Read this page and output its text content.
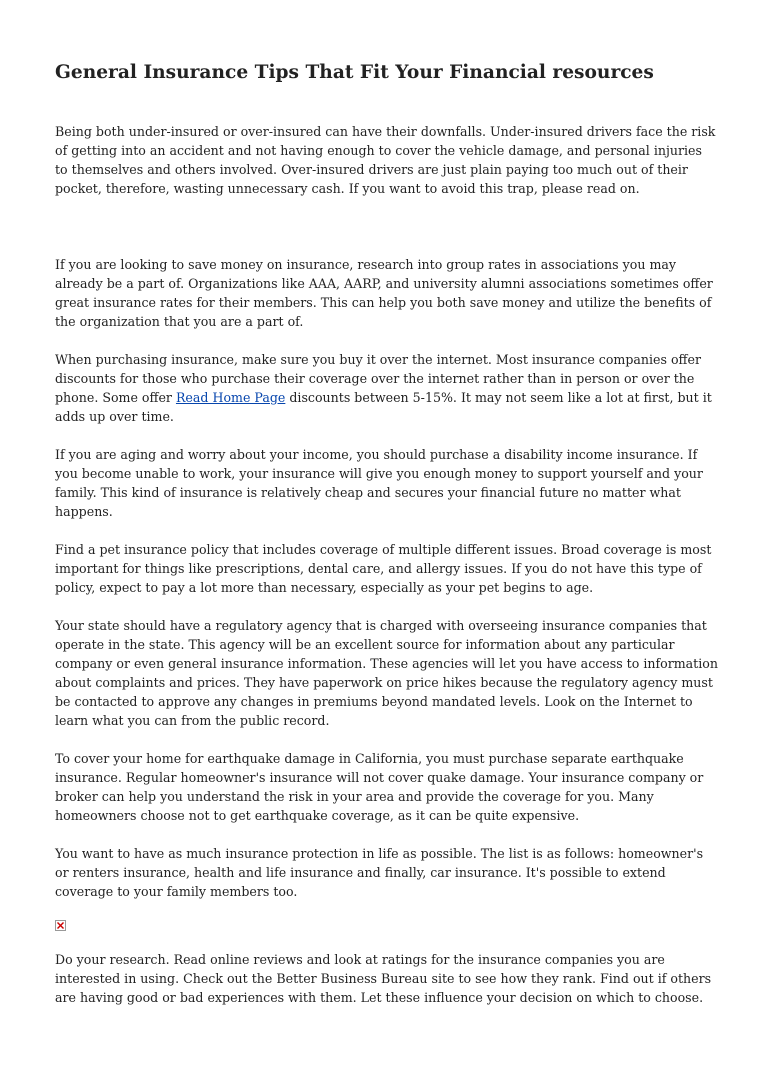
General Insurance Tips That Fit Your Financial resources

Being both under-insured or over-insured can have their downfalls. Under-insured drivers face the risk of getting into an accident and not having enough to cover the vehicle damage, and personal injuries to themselves and others involved. Over-insured drivers are just plain paying too much out of their pocket, therefore, wasting unnecessary cash. If you want to avoid this trap, please read on.

If you are looking to save money on insurance, research into group rates in associations you may already be a part of. Organizations like AAA, AARP, and university alumni associations sometimes offer great insurance rates for their members. This can help you both save money and utilize the benefits of the organization that you are a part of.

When purchasing insurance, make sure you buy it over the internet. Most insurance companies offer discounts for those who purchase their coverage over the internet rather than in person or over the phone. Some offer Read Home Page discounts between 5-15%. It may not seem like a lot at first, but it adds up over time.

If you are aging and worry about your income, you should purchase a disability income insurance. If you become unable to work, your insurance will give you enough money to support yourself and your family. This kind of insurance is relatively cheap and secures your financial future no matter what happens.

Find a pet insurance policy that includes coverage of multiple different issues. Broad coverage is most important for things like prescriptions, dental care, and allergy issues. If you do not have this type of policy, expect to pay a lot more than necessary, especially as your pet begins to age.

Your state should have a regulatory agency that is charged with overseeing insurance companies that operate in the state. This agency will be an excellent source for information about any particular company or even general insurance information. These agencies will let you have access to information about complaints and prices. They have paperwork on price hikes because the regulatory agency must be contacted to approve any changes in premiums beyond mandated levels. Look on the Internet to learn what you can from the public record.

To cover your home for earthquake damage in California, you must purchase separate earthquake insurance. Regular homeowner's insurance will not cover quake damage. Your insurance company or broker can help you understand the risk in your area and provide the coverage for you. Many homeowners choose not to get earthquake coverage, as it can be quite expensive.

You want to have as much insurance protection in life as possible. The list is as follows: homeowner's or renters insurance, health and life insurance and finally, car insurance. It's possible to extend coverage to your family members too.

Do your research. Read online reviews and look at ratings for the insurance companies you are interested in using. Check out the Better Business Bureau site to see how they rank. Find out if others are having good or bad experiences with them. Let these influence your decision on which to choose.
